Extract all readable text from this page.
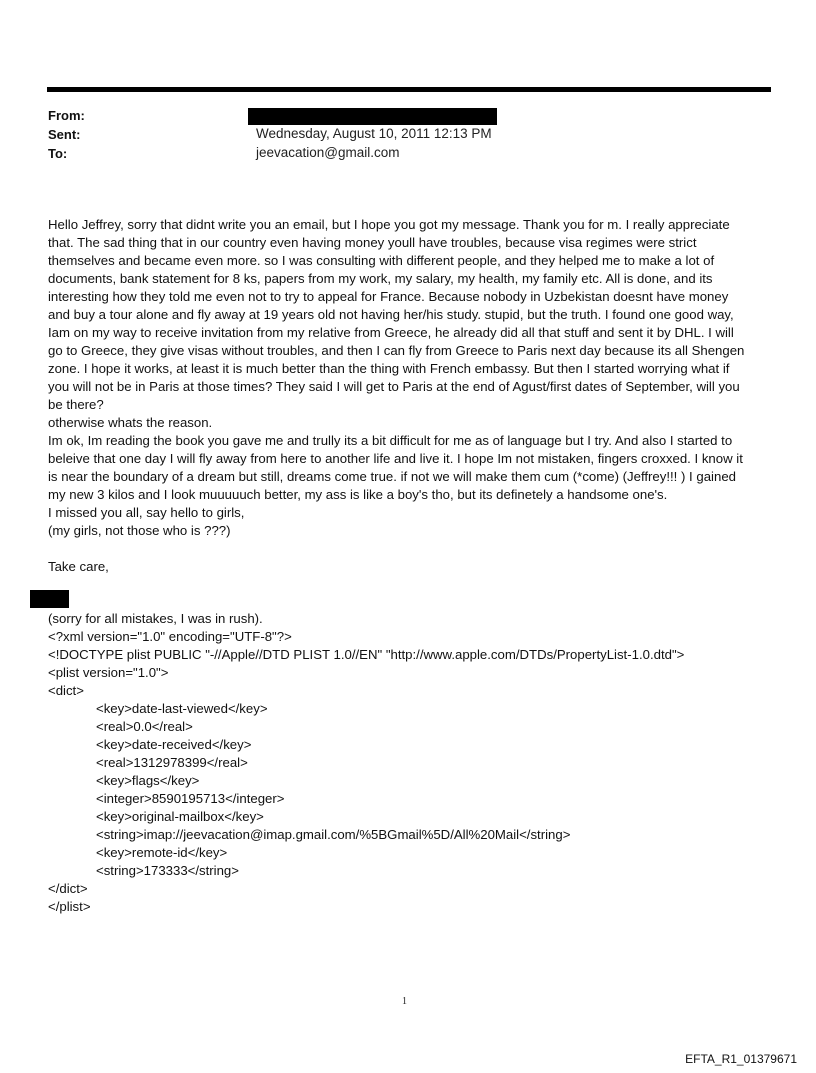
From:
Sent:	Wednesday, August 10, 2011 12:13 PM
To:	jeevacation@gmail.com

Hello Jeffrey, sorry that didnt write you an email, but I hope you got my message. Thank you for m. I really appreciate

that. The sad thing that in our country even having money youll have troubles, because visa regimes were strict

themselves and became even more. so I was consulting with different people, and they helped me to make a lot of

documents, bank statement for 8 ks, papers from my work, my salary, my health, my family etc. All is done, and its

interesting how they told me even not to try to appeal for France. Because nobody in Uzbekistan doesnt have money

and buy a tour alone and fly away at 19 years old not having her/his study. stupid, but the truth. I found one good way,

Iam on my way to receive invitation from my relative from Greece, he already did all that stuff and sent it by DHL. I will

go to Greece, they give visas without troubles, and then I can fly from Greece to Paris next day because its all Shengen

zone. I hope it works, at least it is much better than the thing with French embassy. But then I started worrying what if

you will not be in Paris at those times? They said I will get to Paris at the end of Agust/first dates of September, will you

be there?

otherwise whats the reason.

Im ok, Im reading the book you gave me and trully its a bit difficult for me as of language but I try. And also I started to

beleive that one day I will fly away from here to another life and live it. I hope Im not mistaken, fingers croxxed. I know it

is near the boundary of a dream but still, dreams come true. if not we will make them cum (*come) (Jeffrey!!! ) I gained

my new 3 kilos and I look muuuuuch better, my ass is like a boy's tho, but its definetely a handsome one's.

I missed you all, say hello to girls,

(my girls, not those who is ???)

Take care,

(sorry for all mistakes, I was in rush).
<?xml version="1.0" encoding="UTF-8"?>
<!DOCTYPE plist PUBLIC "-//Apple//DTD PLIST 1.0//EN" "http://www.apple.com/DTDs/PropertyList-1.0.dtd">
<plist version="1.0">
<dict>
<key>date-last-viewed</key>
<real>0.0</real>
<key>date-received</key>
<real>1312978399</real>
<key>flags</key>
<integer>8590195713</integer>
<key>original-mailbox</key>
<string>imap://jeevacation@imap.gmail.com/%5BGmail%5D/All%20Mail</string>
<key>remote-id</key>
<string>173333</string>
</dict>
</plist>
1
EFTA_R1_01379671
